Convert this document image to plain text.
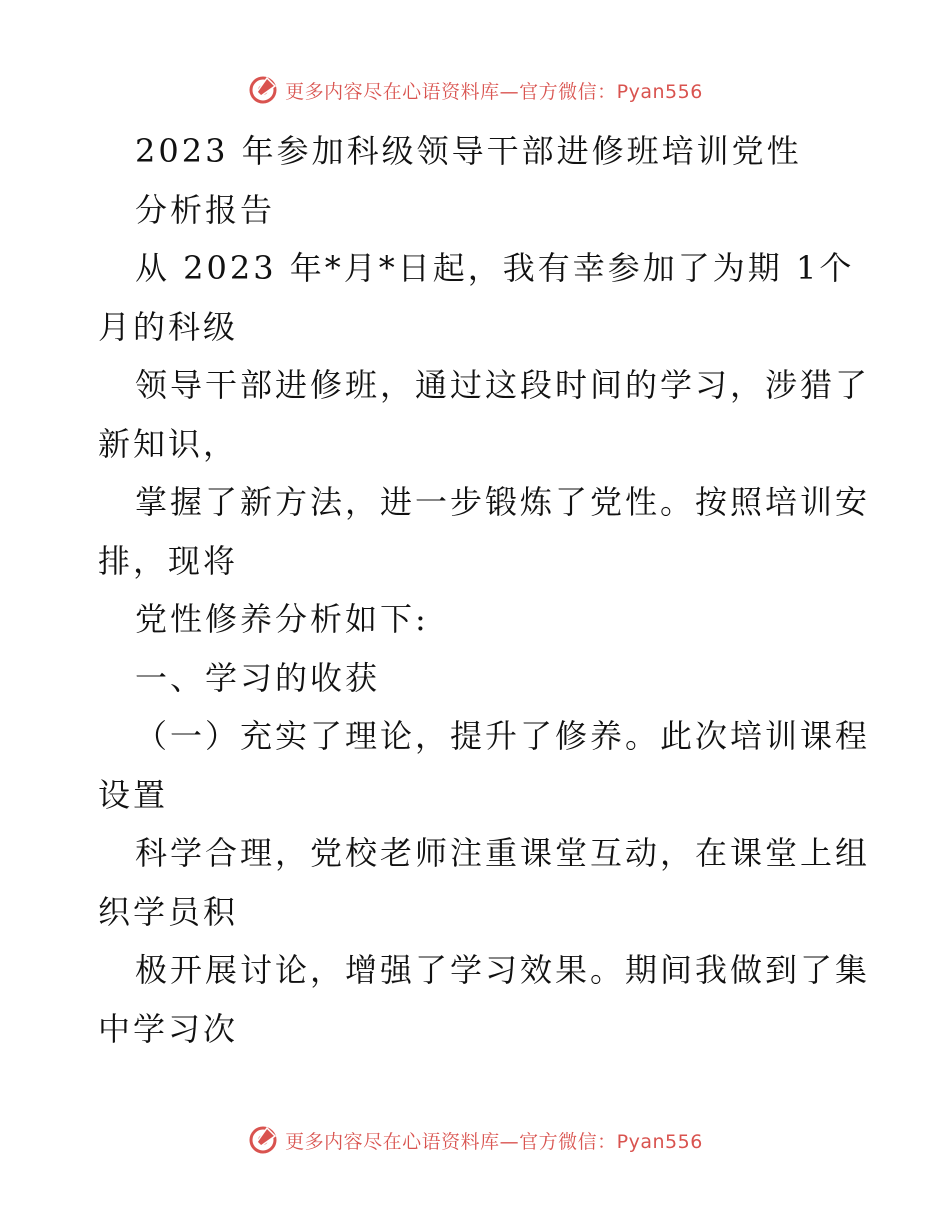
更多内容尽在心语资料库—官方微信：Pyan556
2023 年参加科级领导干部进修班培训党性
分析报告
从 2023 年*月*日起，我有幸参加了为期 1个
月的科级
领导干部进修班，通过这段时间的学习，涉猎了
新知识，
掌握了新方法，进一步锻炼了党性。按照培训安
排，现将
党性修养分析如下:
一、学习的收获
（一）充实了理论，提升了修养。此次培训课程
设置
科学合理，党校老师注重课堂互动，在课堂上组
织学员积
极开展讨论，增强了学习效果。期间我做到了集
中学习次
更多内容尽在心语资料库—官方微信：Pyan556
